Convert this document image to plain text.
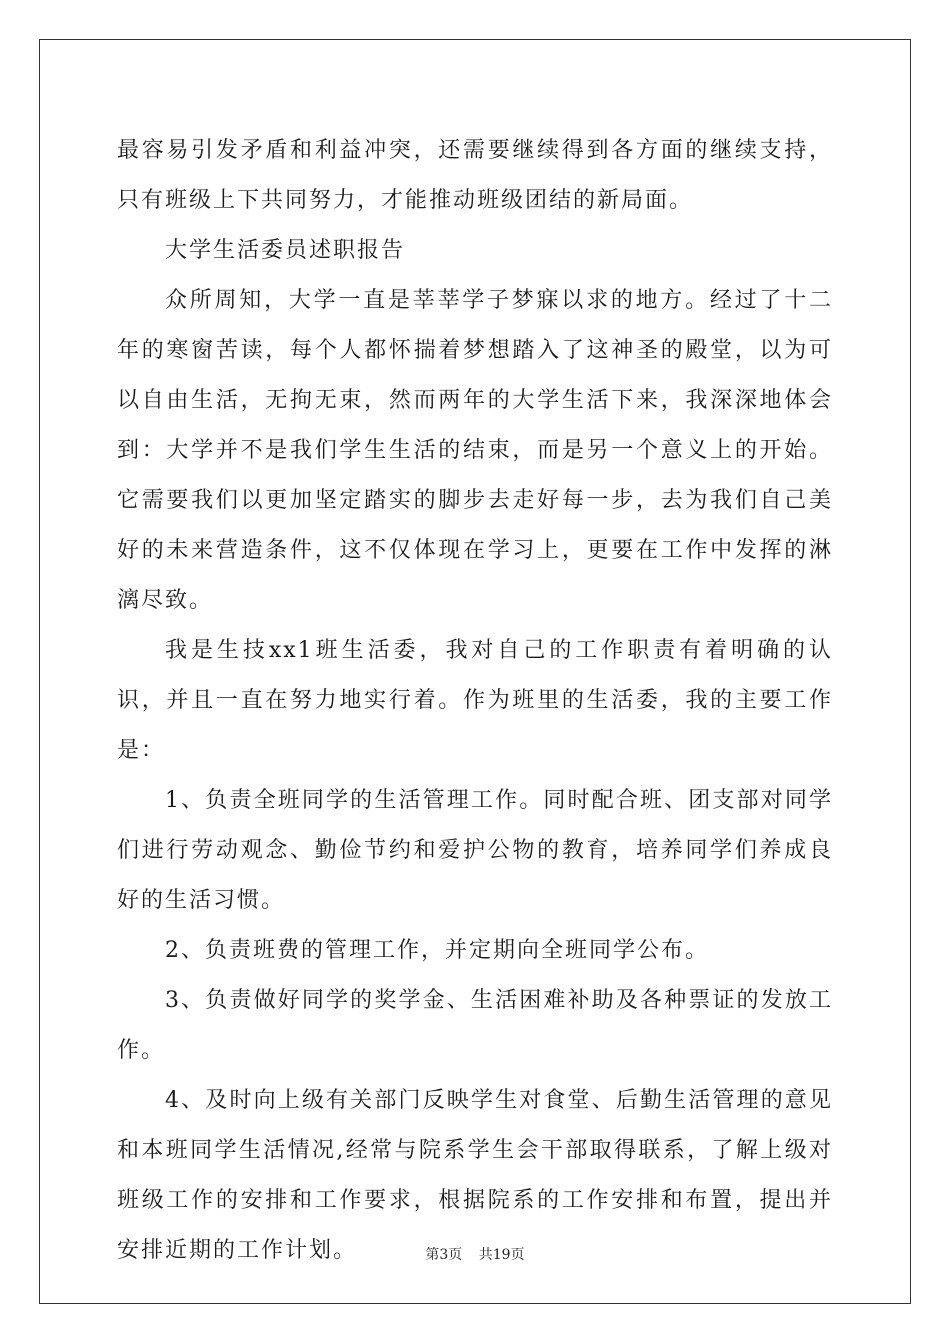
最容易引发矛盾和利益冲突，还需要继续得到各方面的继续支持，只有班级上下共同努力，才能推动班级团结的新局面。

大学生活委员述职报告

众所周知，大学一直是莘莘学子梦寐以求的地方。经过了十二年的寒窗苦读，每个人都怀揣着梦想踏入了这神圣的殿堂，以为可以自由生活，无拘无束，然而两年的大学生活下来，我深深地体会到：大学并不是我们学生生活的结束，而是另一个意义上的开始。它需要我们以更加坚定踏实的脚步去走好每一步，去为我们自己美好的未来营造条件，这不仅体现在学习上，更要在工作中发挥的淋漓尽致。

我是生技xx1班生活委，我对自己的工作职责有着明确的认识，并且一直在努力地实行着。作为班里的生活委，我的主要工作是：

1、负责全班同学的生活管理工作。同时配合班、团支部对同学们进行劳动观念、勤俭节约和爱护公物的教育，培养同学们养成良好的生活习惯。

2、负责班费的管理工作，并定期向全班同学公布。

3、负责做好同学的奖学金、生活困难补助及各种票证的发放工作。

4、及时向上级有关部门反映学生对食堂、后勤生活管理的意见和本班同学生活情况,经常与院系学生会干部取得联系，了解上级对班级工作的安排和工作要求，根据院系的工作安排和布置，提出并安排近期的工作计划。	第3页 共19页
